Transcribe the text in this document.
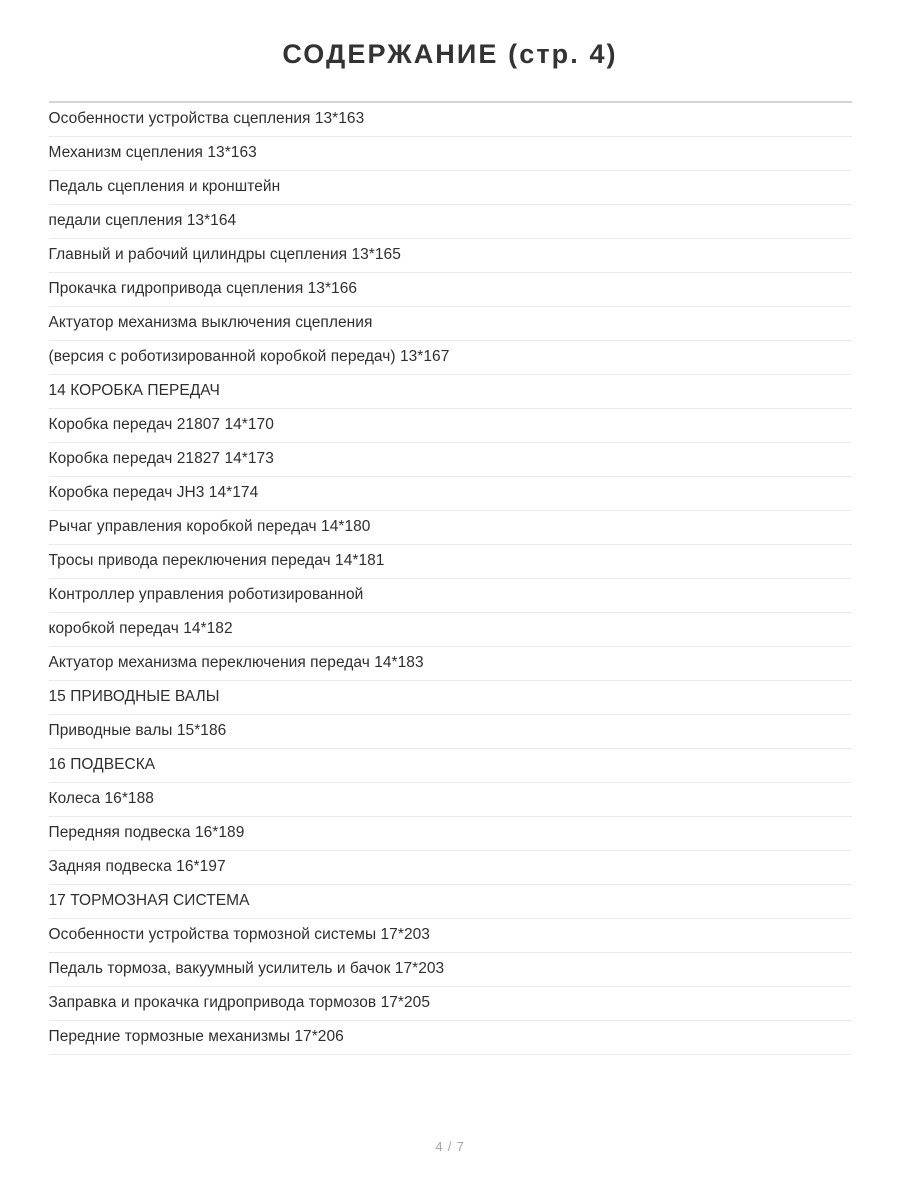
СОДЕРЖАНИЕ (стр. 4)
Особенности устройства сцепления 13*163
Механизм сцепления 13*163
Педаль сцепления и кронштейн
педали сцепления 13*164
Главный и рабочий цилиндры сцепления 13*165
Прокачка гидропривода сцепления 13*166
Актуатор механизма выключения сцепления
(версия с роботизированной коробкой передач) 13*167
14 КОРОБКА ПЕРЕДАЧ
Коробка передач 21807 14*170
Коробка передач 21827 14*173
Коробка передач JH3 14*174
Рычаг управления коробкой передач 14*180
Тросы привода переключения передач 14*181
Контроллер управления роботизированной
коробкой передач 14*182
Актуатор механизма переключения передач 14*183
15 ПРИВОДНЫЕ ВАЛЫ
Приводные валы 15*186
16 ПОДВЕСКА
Колеса 16*188
Передняя подвеска 16*189
Задняя подвеска 16*197
17 ТОРМОЗНАЯ СИСТЕМА
Особенности устройства тормозной системы 17*203
Педаль тормоза, вакуумный усилитель и бачок 17*203
Заправка и прокачка гидропривода тормозов 17*205
Передние тормозные механизмы 17*206
4 / 7
